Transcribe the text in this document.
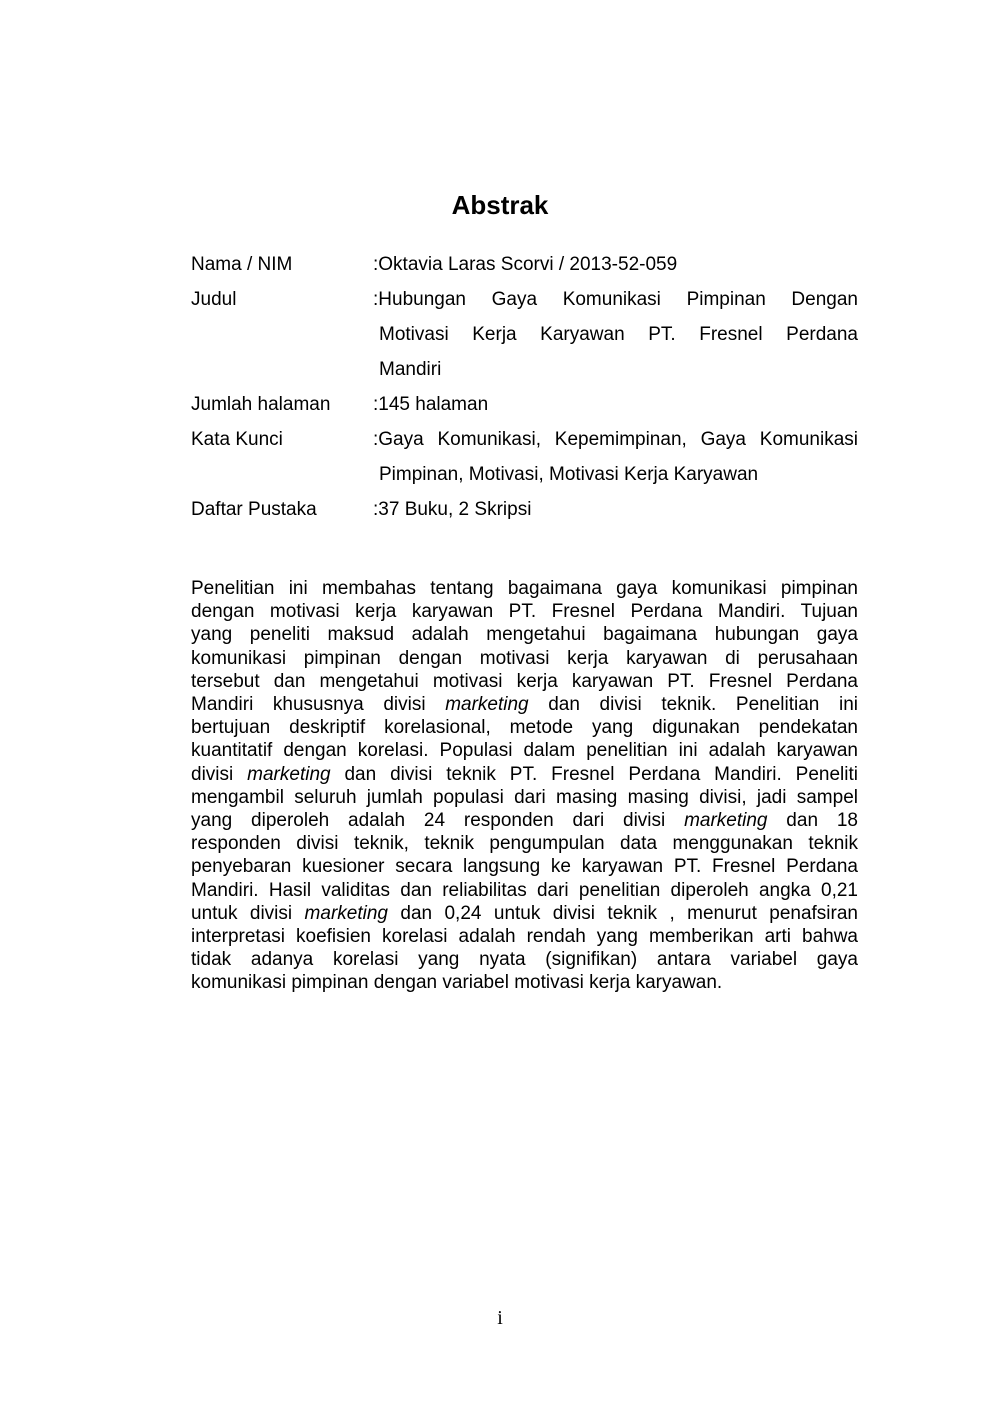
Abstrak
Nama / NIM	:Oktavia Laras Scorvi / 2013-52-059
Judul	:Hubungan Gaya Komunikasi Pimpinan Dengan
Motivasi Kerja Karyawan PT. Fresnel Perdana
Mandiri
Jumlah halaman	:145 halaman
Kata Kunci	:Gaya Komunikasi, Kepemimpinan, Gaya Komunikasi
Pimpinan, Motivasi, Motivasi Kerja Karyawan
Daftar Pustaka	:37 Buku, 2 Skripsi

Penelitian ini membahas tentang bagaimana gaya komunikasi pimpinan
dengan motivasi kerja karyawan PT. Fresnel Perdana Mandiri. Tujuan
yang peneliti maksud adalah mengetahui bagaimana hubungan gaya
komunikasi pimpinan dengan motivasi kerja karyawan di perusahaan
tersebut dan mengetahui motivasi kerja karyawan PT. Fresnel Perdana
Mandiri khususnya divisi marketing dan divisi teknik. Penelitian ini
bertujuan deskriptif korelasional, metode yang digunakan pendekatan
kuantitatif dengan korelasi. Populasi dalam penelitian ini adalah karyawan
divisi marketing dan divisi teknik PT. Fresnel Perdana Mandiri. Peneliti
mengambil seluruh jumlah populasi dari masing masing divisi, jadi sampel
yang diperoleh adalah 24 responden dari divisi marketing dan 18
responden divisi teknik, teknik pengumpulan data menggunakan teknik
penyebaran kuesioner secara langsung ke karyawan PT. Fresnel Perdana
Mandiri. Hasil validitas dan reliabilitas dari penelitian diperoleh angka 0,21
untuk divisi marketing dan 0,24 untuk divisi teknik , menurut penafsiran
interpretasi koefisien korelasi adalah rendah yang memberikan arti bahwa
tidak adanya korelasi yang nyata (signifikan) antara variabel gaya
komunikasi pimpinan dengan variabel motivasi kerja karyawan.

i
